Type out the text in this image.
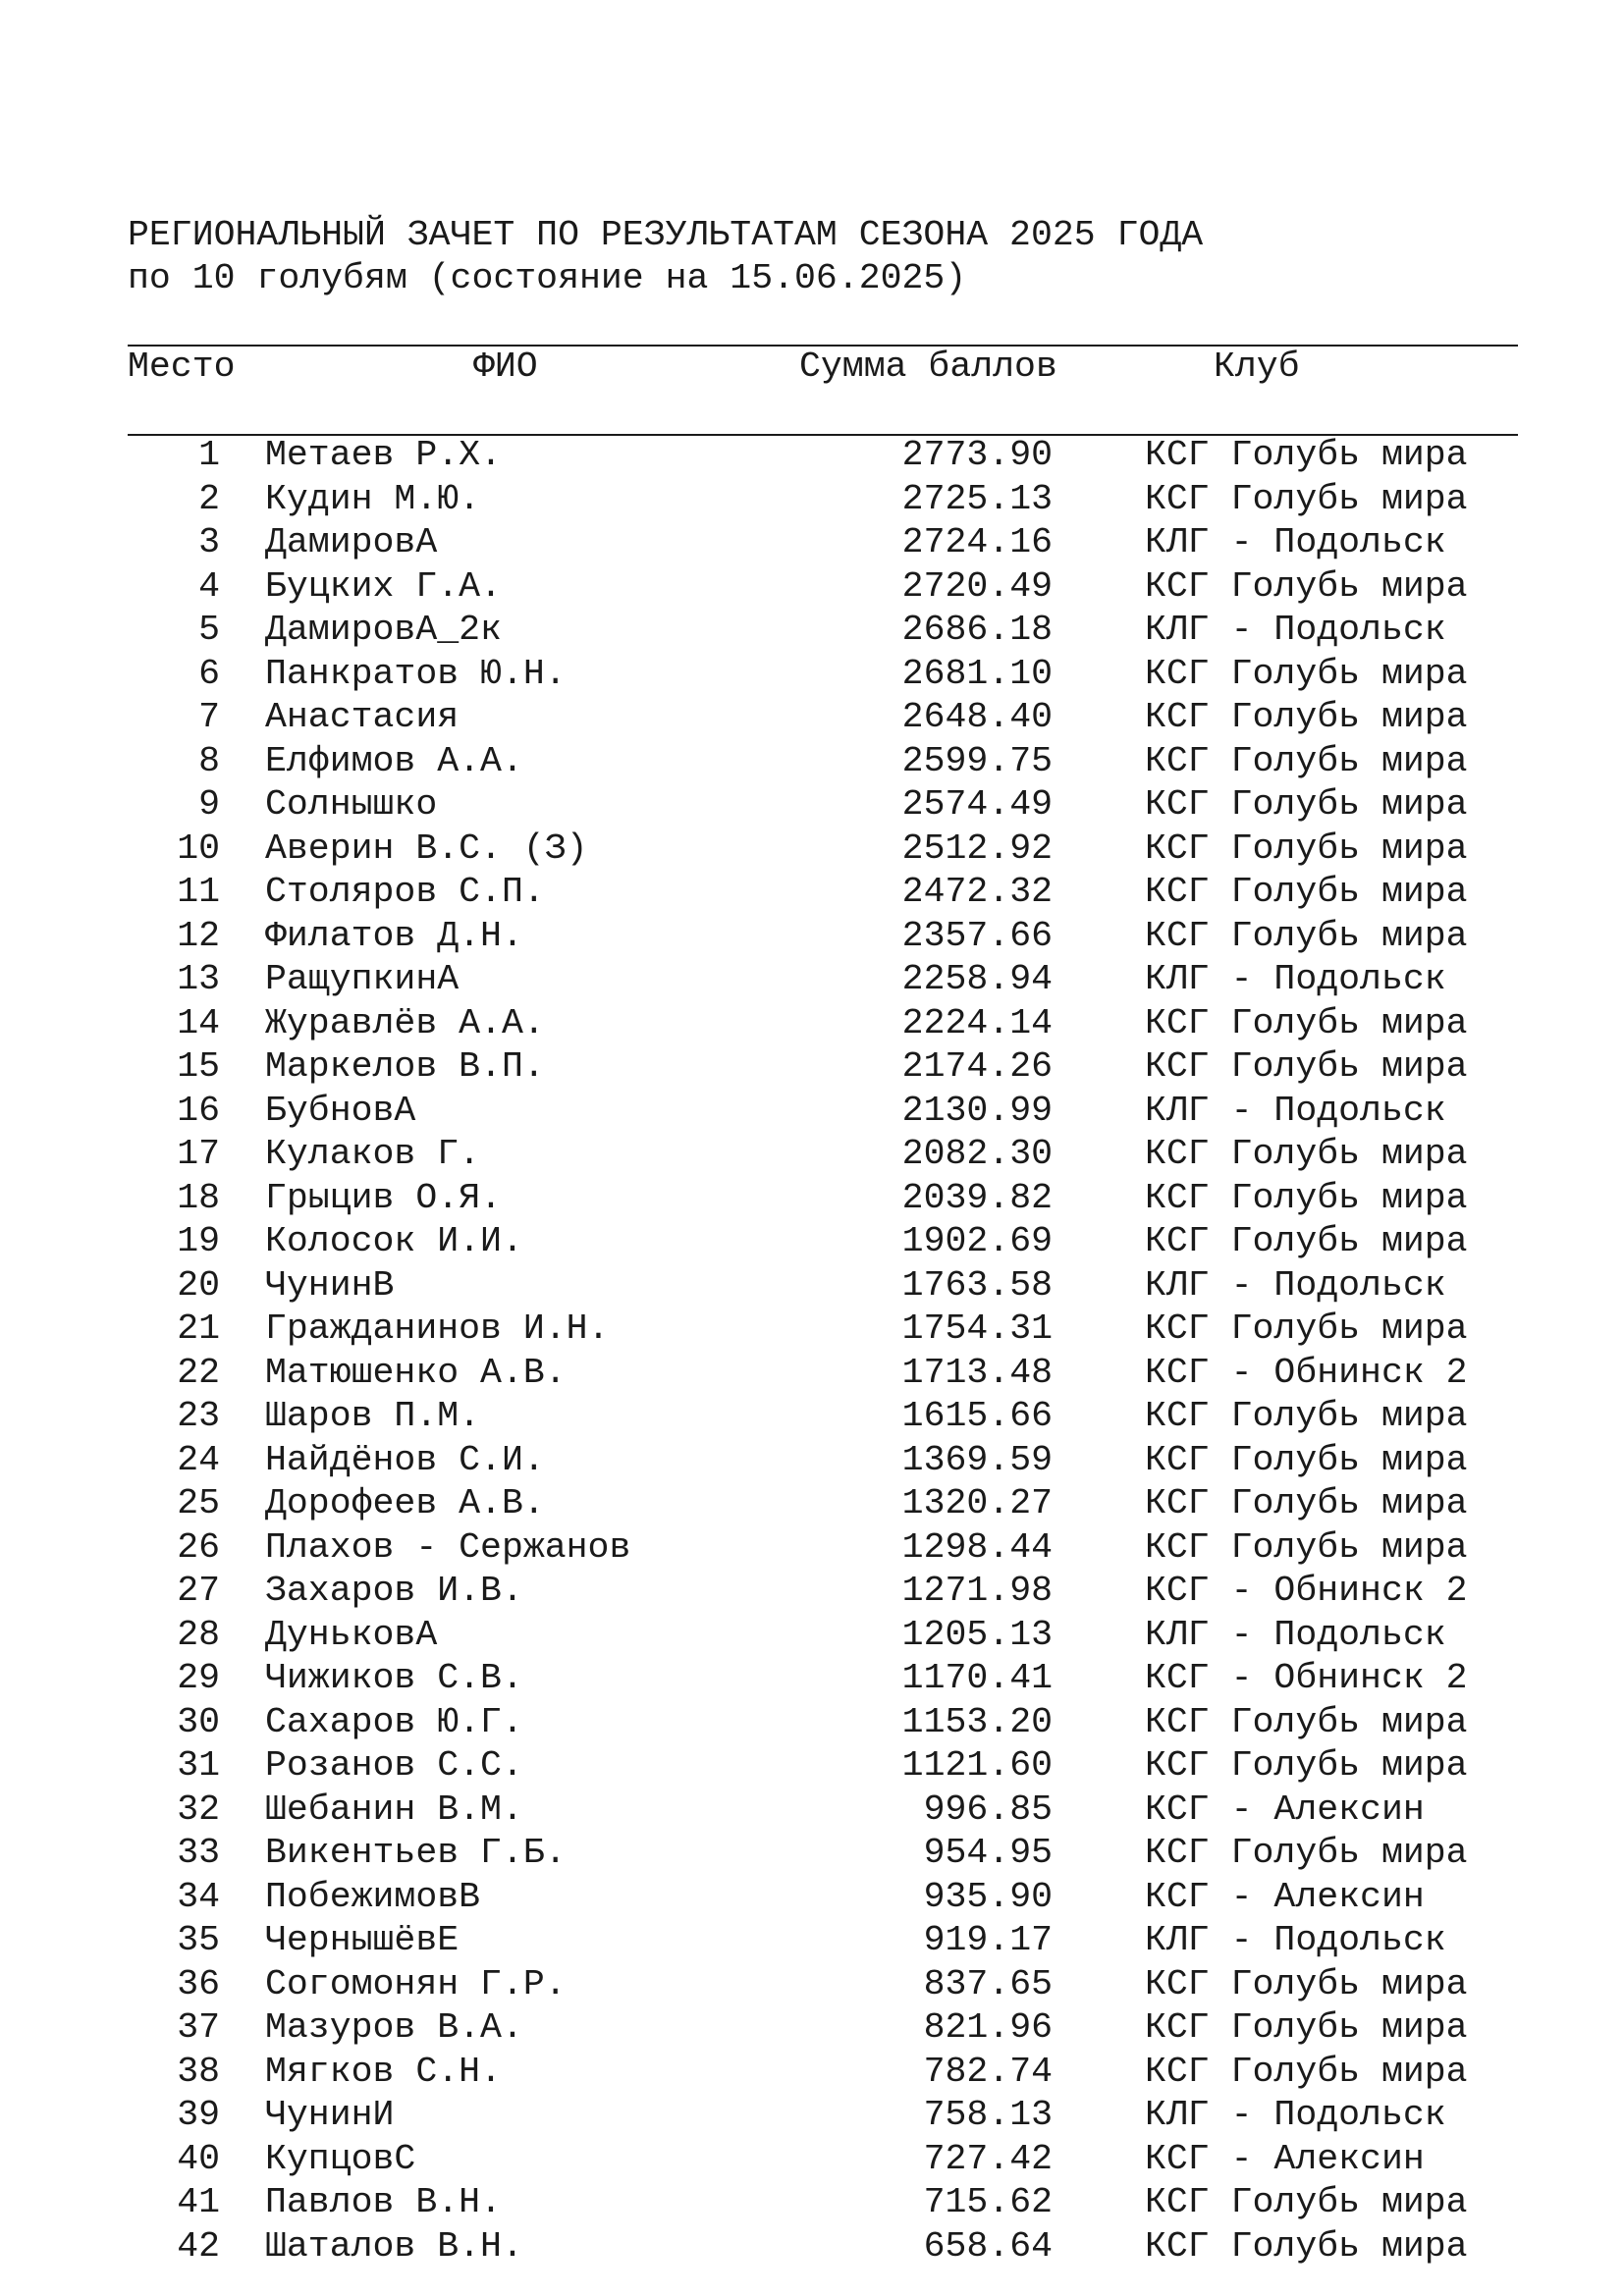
РЕГИОНАЛЬНЫЙ ЗАЧЕТ ПО РЕЗУЛЬТАТАМ СЕЗОНА 2025 ГОДА
по 10 голубям (состояние на 15.06.2025)
Место	ФИО	Сумма баллов	Клуб
1 Метаев Р.Х.	2773.90	КСГ Голубь мира
2 Кудин М.Ю.	2725.13	КСГ Голубь мира
3 ДамировА	2724.16	КЛГ - Подольск
4 Буцких Г.А.	2720.49	КСГ Голубь мира
5 ДамировА_2к	2686.18	КЛГ - Подольск
6 Панкратов Ю.Н.	2681.10	КСГ Голубь мира
7 Анастасия	2648.40	КСГ Голубь мира
8 Елфимов А.А.	2599.75	КСГ Голубь мира
9 Солнышко	2574.49	КСГ Голубь мира
10 Аверин В.С. (З)	2512.92	КСГ Голубь мира
11 Столяров С.П.	2472.32	КСГ Голубь мира
12 Филатов Д.Н.	2357.66	КСГ Голубь мира
13 РащупкинА	2258.94	КЛГ - Подольск
14 Журавлёв А.А.	2224.14	КСГ Голубь мира
15 Маркелов В.П.	2174.26	КСГ Голубь мира
16 БубновА	2130.99	КЛГ - Подольск
17 Кулаков Г.	2082.30	КСГ Голубь мира
18 Грыцив О.Я.	2039.82	КСГ Голубь мира
19 Колосок И.И.	1902.69	КСГ Голубь мира
20 ЧунинВ	1763.58	КЛГ - Подольск
21 Гражданинов И.Н.	1754.31	КСГ Голубь мира
22 Матюшенко А.В.	1713.48	КСГ - Обнинск 2
23 Шаров П.М.	1615.66	КСГ Голубь мира
24 Найдёнов С.И.	1369.59	КСГ Голубь мира
25 Дорофеев А.В.	1320.27	КСГ Голубь мира
26 Плахов - Сержанов	1298.44	КСГ Голубь мира
27 Захаров И.В.	1271.98	КСГ - Обнинск 2
28 ДуньковА	1205.13	КЛГ - Подольск
29 Чижиков С.В.	1170.41	КСГ - Обнинск 2
30 Сахаров Ю.Г.	1153.20	КСГ Голубь мира
31 Розанов С.С.	1121.60	КСГ Голубь мира
32 Шебанин В.М.	996.85	КСГ - Алексин
33 Викентьев Г.Б.	954.95	КСГ Голубь мира
34 ПобежимовВ	935.90	КСГ - Алексин
35 ЧернышёвЕ	919.17	КЛГ - Подольск
36 Согомонян Г.Р.	837.65	КСГ Голубь мира
37 Мазуров В.А.	821.96	КСГ Голубь мира
38 Мягков С.Н.	782.74	КСГ Голубь мира
39 ЧунинИ	758.13	КЛГ - Подольск
40 КупцовС	727.42	КСГ - Алексин
41 Павлов В.Н.	715.62	КСГ Голубь мира
42 Шаталов В.Н.	658.64	КСГ Голубь мира
